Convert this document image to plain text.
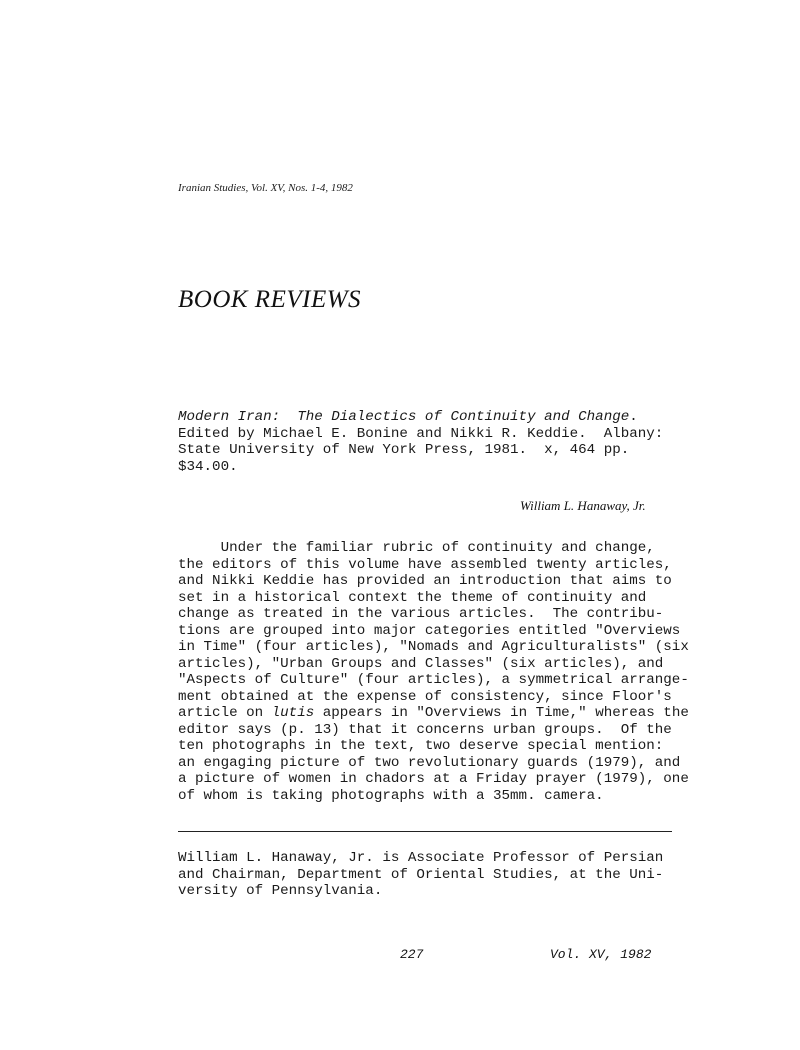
Iranian Studies, Vol. XV, Nos. 1-4, 1982
BOOK REVIEWS
Modern Iran:  The Dialectics of Continuity and Change.
Edited by Michael E. Bonine and Nikki R. Keddie.  Albany:
State University of New York Press, 1981.  x, 464 pp.
$34.00.
William L. Hanaway, Jr.
Under the familiar rubric of continuity and change,
the editors of this volume have assembled twenty articles,
and Nikki Keddie has provided an introduction that aims to
set in a historical context the theme of continuity and
change as treated in the various articles.  The contribu-
tions are grouped into major categories entitled "Overviews
in Time" (four articles), "Nomads and Agriculturalists" (six
articles), "Urban Groups and Classes" (six articles), and
"Aspects of Culture" (four articles), a symmetrical arrange-
ment obtained at the expense of consistency, since Floor's
article on lutis appears in "Overviews in Time," whereas the
editor says (p. 13) that it concerns urban groups.  Of the
ten photographs in the text, two deserve special mention:
an engaging picture of two revolutionary guards (1979), and
a picture of women in chadors at a Friday prayer (1979), one
of whom is taking photographs with a 35mm. camera.
William L. Hanaway, Jr. is Associate Professor of Persian
and Chairman, Department of Oriental Studies, at the Uni-
versity of Pennsylvania.
227	Vol. XV, 1982
